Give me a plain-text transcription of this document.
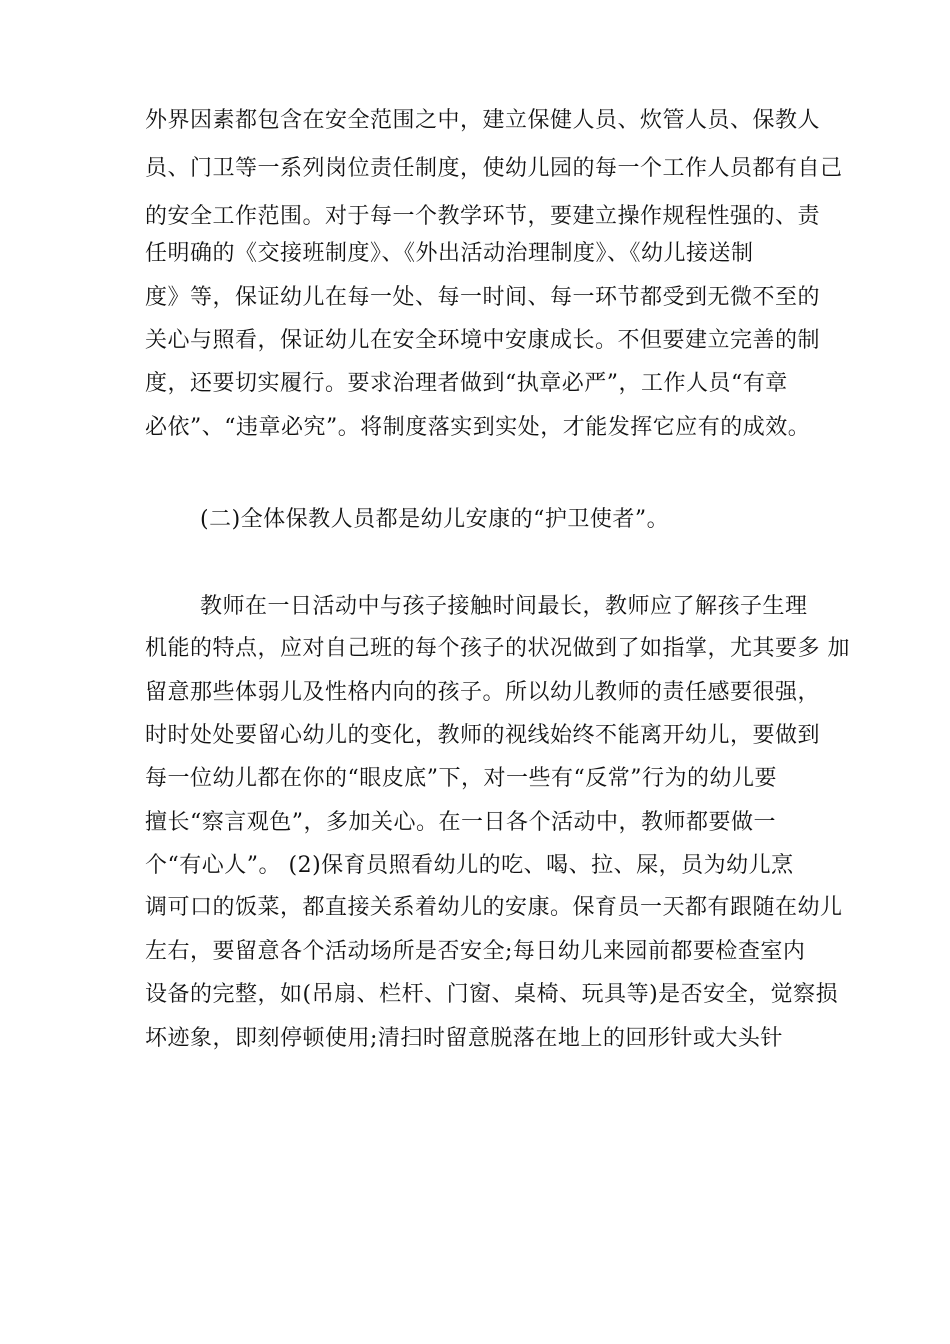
外界因素都包含在安全范围之中，建立保健人员、炊管人员、保教人
员、门卫等一系列岗位责任制度，使幼儿园的每一个工作人员都有自己
的安全工作范围。对于每一个教学环节，要建立操作规程性强的、责
任明确的《交接班制度》、《外出活动治理制度》、《幼儿接送制
度》等，保证幼儿在每一处、每一时间、每一环节都受到无微不至的
关心与照看，保证幼儿在安全环境中安康成长。不但要建立完善的制
度，还要切实履行。要求治理者做到“执章必严”，工作人员“有章
必依”、“违章必究”。将制度落实到实处，才能发挥它应有的成效。
(二)全体保教人员都是幼儿安康的“护卫使者”。
教师在一日活动中与孩子接触时间最长，教师应了解孩子生理
机能的特点，应对自己班的每个孩子的状况做到了如指掌，尤其要多 加
留意那些体弱儿及性格内向的孩子。所以幼儿教师的责任感要很强，
时时处处要留心幼儿的变化，教师的视线始终不能离开幼儿，要做到
每一位幼儿都在你的“眼皮底”下，对一些有“反常”行为的幼儿要
擅长“察言观色”，多加关心。在一日各个活动中，教师都要做一
个“有心人”。 (2)保育员照看幼儿的吃、喝、拉、屎，员为幼儿烹
调可口的饭菜，都直接关系着幼儿的安康。保育员一天都有跟随在幼儿
左右，要留意各个活动场所是否安全;每日幼儿来园前都要检查室内
设备的完整，如(吊扇、栏杆、门窗、桌椅、玩具等)是否安全，觉察损
坏迹象，即刻停顿使用;清扫时留意脱落在地上的回形针或大头针
